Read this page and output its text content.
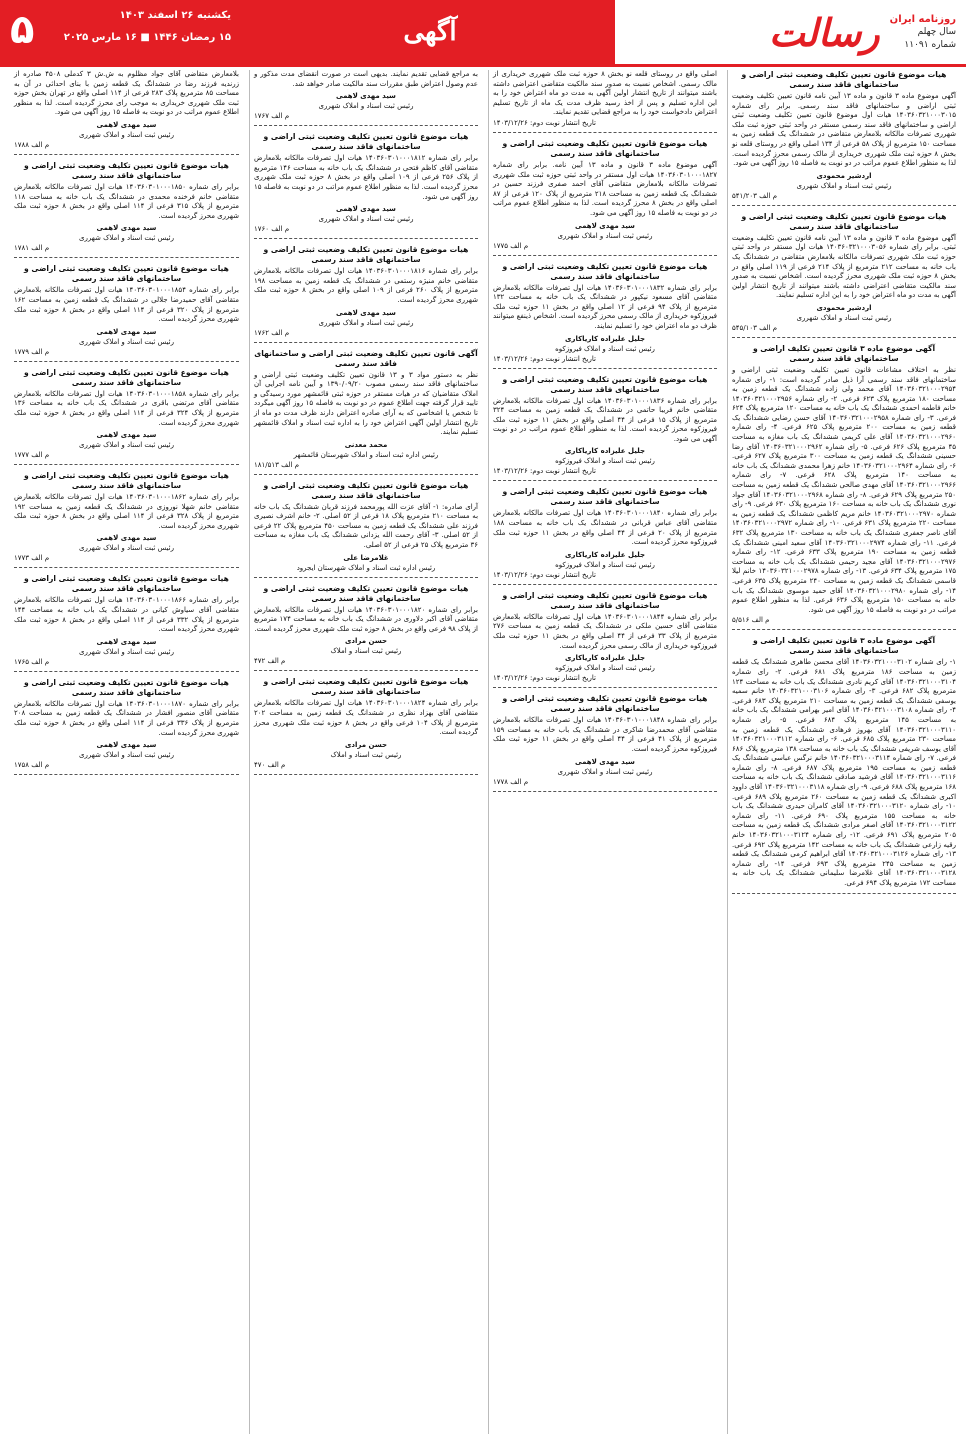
۵	یکشنبه ۲۶ اسفند ۱۴۰۳
۱۵ رمضان ۱۴۴۶ ■ ۱۶ مارس ۲۰۲۵	آگهی	رسالت روزنامه ایران
سال چهلم
شماره ۱۱۰۹۱
هیات موضوع قانون تعیین تکلیف وضعیت ثبتی اراضی و ساختمانهای فاقد سند رسمی

آگهی موضوع ماده ۳ قانون و ماده ۱۳ آیین نامه قانون تعیین تکلیف وضعیت ثبتی اراضی و ساختمانهای فاقد سند رسمی. برابر رای شماره ۱۴۰۳۶۰۳۲۱۰۰۰۳۰۱۵ هیات اول موضوع قانون تعیین تکلیف وضعیت ثبتی اراضی و ساختمانهای فاقد سند رسمی مستقر در واحد ثبتی حوزه ثبت ملک شهرری تصرفات مالکانه بلامعارض متقاضی در ششدانگ یک قطعه زمین به مساحت ۱۵۰ مترمربع از پلاک ۵۸ فرعی از ۱۳۴ اصلی واقع در روستای قلعه نو بخش ۸ حوزه ثبت ملک شهرری خریداری از مالک رسمی محرز گردیده است. لذا به منظور اطلاع عموم مراتب در دو نوبت به فاصله ۱۵ روز آگهی می شود.

اردشیر محمودی
رئیس ثبت اسناد و املاک شهرری
م الف ۵۴۱/۲۰۳
هیات موضوع قانون تعیین تکلیف وضعیت ثبتی اراضی و ساختمانهای فاقد سند رسمی

آگهی موضوع ماده ۳ قانون و ماده ۱۳ آیین نامه قانون تعیین تکلیف وضعیت ثبتی. برابر رای شماره ۱۴۰۳۶۰۳۲۱۰۰۰۳۰۵۶ هیات اول مستقر در واحد ثبتی حوزه ثبت ملک شهرری تصرفات مالکانه بلامعارض متقاضی در ششدانگ یک باب خانه به مساحت ۲۱۲ مترمربع از پلاک ۲۱۴ فرعی از ۱۱۹ اصلی واقع در بخش ۸ حوزه ثبت ملک شهرری محرز گردیده است. اشخاص نسبت به صدور سند مالکیت متقاضی اعتراضی داشته باشند میتوانند از تاریخ انتشار اولین آگهی به مدت دو ماه اعتراض خود را به این اداره تسلیم نمایند.

اردشیر محمودی
رئیس ثبت اسناد و املاک شهرری
م الف ۵۴۵/۱۰۳
آگهی موضوع ماده ۳ قانون تعیین تکلیف اراضی و ساختمانهای فاقد سند رسمی

نظر به اختلاف مشاعات قانون تعیین تکلیف وضعیت ثبتی اراضی و ساختمانهای فاقد سند رسمی آرا ذیل صادر گردیده است: ۱- رای شماره ۱۴۰۳۶۰۳۲۱۰۰۰۲۹۵۴ آقای محمد ولی زاده ششدانگ یک قطعه زمین به مساحت ۱۸۰ مترمربع پلاک ۶۲۳ فرعی. ۲- رای شماره ۱۴۰۳۶۰۳۲۱۰۰۰۲۹۵۶ خانم فاطمه احمدی ششدانگ یک باب خانه به مساحت ۱۲۰ مترمربع پلاک ۶۲۴ فرعی. ۳- رای شماره ۱۴۰۳۶۰۳۲۱۰۰۰۲۹۵۸ آقای حسن رضایی ششدانگ یک قطعه زمین به مساحت ۲۰۰ مترمربع پلاک ۶۲۵ فرعی. ۴- رای شماره ۱۴۰۳۶۰۳۲۱۰۰۰۲۹۶۰ آقای علی کریمی ششدانگ یک باب مغازه به مساحت ۴۵ مترمربع پلاک ۶۲۶ فرعی. ۵- رای شماره ۱۴۰۳۶۰۳۲۱۰۰۰۲۹۶۲ آقای رضا حسینی ششدانگ یک قطعه زمین به مساحت ۳۰۰ مترمربع پلاک ۶۲۷ فرعی. ۶- رای شماره ۱۴۰۳۶۰۳۲۱۰۰۰۲۹۶۴ خانم زهرا محمدی ششدانگ یک باب خانه به مساحت ۱۴۰ مترمربع پلاک ۶۲۸ فرعی. ۷- رای شماره ۱۴۰۳۶۰۳۲۱۰۰۰۲۹۶۶ آقای مهدی صالحی ششدانگ یک قطعه زمین به مساحت ۲۵۰ مترمربع پلاک ۶۲۹ فرعی. ۸- رای شماره ۱۴۰۳۶۰۳۲۱۰۰۰۲۹۶۸ آقای جواد نوری ششدانگ یک باب خانه به مساحت ۱۶۰ مترمربع پلاک ۶۳۰ فرعی. ۹- رای شماره ۱۴۰۳۶۰۳۲۱۰۰۰۲۹۷۰ خانم مریم کاظمی ششدانگ یک قطعه زمین به مساحت ۲۲۰ مترمربع پلاک ۶۳۱ فرعی. ۱۰- رای شماره ۱۴۰۳۶۰۳۲۱۰۰۰۲۹۷۲ آقای ناصر جعفری ششدانگ یک باب خانه به مساحت ۱۳۰ مترمربع پلاک ۶۳۲ فرعی. ۱۱- رای شماره ۱۴۰۳۶۰۳۲۱۰۰۰۲۹۷۴ آقای سعید امینی ششدانگ یک قطعه زمین به مساحت ۱۹۰ مترمربع پلاک ۶۳۳ فرعی. ۱۲- رای شماره ۱۴۰۳۶۰۳۲۱۰۰۰۲۹۷۶ آقای مجید رحیمی ششدانگ یک باب خانه به مساحت ۱۷۵ مترمربع پلاک ۶۳۴ فرعی. ۱۳- رای شماره ۱۴۰۳۶۰۳۲۱۰۰۰۲۹۷۸ خانم لیلا قاسمی ششدانگ یک قطعه زمین به مساحت ۲۴۰ مترمربع پلاک ۶۳۵ فرعی. ۱۴- رای شماره ۱۴۰۳۶۰۳۲۱۰۰۰۲۹۸۰ آقای حمید موسوی ششدانگ یک باب خانه به مساحت ۱۵۰ مترمربع پلاک ۶۳۶ فرعی. لذا به منظور اطلاع عموم مراتب در دو نوبت به فاصله ۱۵ روز آگهی می شود.

م الف ۵/۵۱۶
آگهی موضوع ماده ۳ قانون تعیین تکلیف اراضی و ساختمانهای فاقد سند رسمی

۱- رای شماره ۱۴۰۳۶۰۳۲۱۰۰۰۳۱۰۲ آقای محسن طاهری ششدانگ یک قطعه زمین به مساحت ۱۸۶ مترمربع پلاک ۶۸۱ فرعی. ۲- رای شماره ۱۴۰۳۶۰۳۲۱۰۰۰۳۱۰۴ آقای کریم نادری ششدانگ یک باب خانه به مساحت ۱۲۴ مترمربع پلاک ۶۸۲ فرعی. ۳- رای شماره ۱۴۰۳۶۰۳۲۱۰۰۰۳۱۰۶ خانم سمیه یوسفی ششدانگ یک قطعه زمین به مساحت ۲۱۰ مترمربع پلاک ۶۸۳ فرعی. ۴- رای شماره ۱۴۰۳۶۰۳۲۱۰۰۰۳۱۰۸ آقای امیر بهرامی ششدانگ یک باب خانه به مساحت ۱۴۵ مترمربع پلاک ۶۸۴ فرعی. ۵- رای شماره ۱۴۰۳۶۰۳۲۱۰۰۰۳۱۱۰ آقای بهروز فرهادی ششدانگ یک قطعه زمین به مساحت ۲۳۰ مترمربع پلاک ۶۸۵ فرعی. ۶- رای شماره ۱۴۰۳۶۰۳۲۱۰۰۰۳۱۱۲ آقای یوسف شریفی ششدانگ یک باب خانه به مساحت ۱۳۸ مترمربع پلاک ۶۸۶ فرعی. ۷- رای شماره ۱۴۰۳۶۰۳۲۱۰۰۰۳۱۱۴ خانم نرگس عباسی ششدانگ یک قطعه زمین به مساحت ۱۹۵ مترمربع پلاک ۶۸۷ فرعی. ۸- رای شماره ۱۴۰۳۶۰۳۲۱۰۰۰۳۱۱۶ آقای فرشید صادقی ششدانگ یک باب خانه به مساحت ۱۶۸ مترمربع پلاک ۶۸۸ فرعی. ۹- رای شماره ۱۴۰۳۶۰۳۲۱۰۰۰۳۱۱۸ آقای داوود اکبری ششدانگ یک قطعه زمین به مساحت ۲۶۰ مترمربع پلاک ۶۸۹ فرعی. ۱۰- رای شماره ۱۴۰۳۶۰۳۲۱۰۰۰۳۱۲۰ آقای کامران حیدری ششدانگ یک باب خانه به مساحت ۱۵۵ مترمربع پلاک ۶۹۰ فرعی. ۱۱- رای شماره ۱۴۰۳۶۰۳۲۱۰۰۰۳۱۲۲ آقای اصغر مرادی ششدانگ یک قطعه زمین به مساحت ۲۰۵ مترمربع پلاک ۶۹۱ فرعی. ۱۲- رای شماره ۱۴۰۳۶۰۳۲۱۰۰۰۳۱۲۴ خانم رقیه زارعی ششدانگ یک باب خانه به مساحت ۱۴۲ مترمربع پلاک ۶۹۲ فرعی. ۱۳- رای شماره ۱۴۰۳۶۰۳۲۱۰۰۰۳۱۲۶ آقای ابراهیم کرمی ششدانگ یک قطعه زمین به مساحت ۲۴۵ مترمربع پلاک ۶۹۳ فرعی. ۱۴- رای شماره ۱۴۰۳۶۰۳۲۱۰۰۰۳۱۲۸ آقای غلامرضا سلیمانی ششدانگ یک باب خانه به مساحت ۱۷۲ مترمربع پلاک ۶۹۴ فرعی.

اصلی واقع در روستای قلعه نو بخش ۸ حوزه ثبت ملک شهرری خریداری از مالک رسمی. اشخاص نسبت به صدور سند مالکیت متقاضی اعتراضی داشته باشند میتوانند از تاریخ انتشار اولین آگهی به مدت دو ماه اعتراض خود را به این اداره تسلیم و پس از اخذ رسید ظرف مدت یک ماه از تاریخ تسلیم اعتراض دادخواست خود را به مراجع قضایی تقدیم نمایند.

تاریخ انتشار نوبت دوم: ۱۴۰۳/۱۲/۲۶
هیات موضوع قانون تعیین تکلیف وضعیت ثبتی اراضی و ساختمانهای فاقد سند رسمی

آگهی موضوع ماده ۳ قانون و ماده ۱۳ آیین نامه. برابر رای شماره ۱۴۰۳۶۰۳۰۱۰۰۰۱۸۲۷ هیات اول مستقر در واحد ثبتی حوزه ثبت ملک شهرری تصرفات مالکانه بلامعارض متقاضی آقای احمد صفری فرزند حسین در ششدانگ یک قطعه زمین به مساحت ۲۱۸ مترمربع از پلاک ۱۲۰ فرعی از ۸۷ اصلی واقع در بخش ۸ محرز گردیده است. لذا به منظور اطلاع عموم مراتب در دو نوبت به فاصله ۱۵ روز آگهی می شود.

سید مهدی لاهمی
رئیس ثبت اسناد و املاک شهرری
م الف ۱۷۷۵
هیات موضوع قانون تعیین تکلیف وضعیت ثبتی اراضی و ساختمانهای فاقد سند رسمی

برابر رای شماره ۱۴۰۳۶۰۳۰۱۰۰۰۱۸۳۲ هیات اول تصرفات مالکانه بلامعارض متقاضی آقای مسعود نیکپور در ششدانگ یک باب خانه به مساحت ۱۳۲ مترمربع از پلاک ۹۴ فرعی از ۱۲ اصلی واقع در بخش ۱۱ حوزه ثبت ملک فیروزکوه خریداری از مالک رسمی محرز گردیده است. اشخاص ذینفع میتوانند ظرف دو ماه اعتراض خود را تسلیم نمایند.

جلیل علیزاده کاریاکاری
رئیس ثبت اسناد و املاک فیروزکوه
تاریخ انتشار نوبت دوم: ۱۴۰۳/۱۲/۲۶
هیات موضوع قانون تعیین تکلیف وضعیت ثبتی اراضی و ساختمانهای فاقد سند رسمی

برابر رای شماره ۱۴۰۳۶۰۳۰۱۰۰۰۱۸۳۶ هیات اول تصرفات مالکانه بلامعارض متقاضی خانم فریبا حاتمی در ششدانگ یک قطعه زمین به مساحت ۳۲۴ مترمربع از پلاک ۱۵ فرعی از ۴۴ اصلی واقع در بخش ۱۱ حوزه ثبت ملک فیروزکوه محرز گردیده است. لذا به منظور اطلاع عموم مراتب در دو نوبت آگهی می شود.

جلیل علیزاده کاریاکاری
رئیس ثبت اسناد و املاک فیروزکوه
تاریخ انتشار نوبت دوم: ۱۴۰۳/۱۲/۲۶
هیات موضوع قانون تعیین تکلیف وضعیت ثبتی اراضی و ساختمانهای فاقد سند رسمی

برابر رای شماره ۱۴۰۳۶۰۳۰۱۰۰۰۱۸۴۰ هیات اول تصرفات مالکانه بلامعارض متقاضی آقای عباس قربانی در ششدانگ یک باب خانه به مساحت ۱۸۸ مترمربع از پلاک ۲۰ فرعی از ۴۴ اصلی واقع در بخش ۱۱ حوزه ثبت ملک فیروزکوه محرز گردیده است.

جلیل علیزاده کاریاکاری
رئیس ثبت اسناد و املاک فیروزکوه
تاریخ انتشار نوبت دوم: ۱۴۰۳/۱۲/۲۶
هیات موضوع قانون تعیین تکلیف وضعیت ثبتی اراضی و ساختمانهای فاقد سند رسمی

برابر رای شماره ۱۴۰۳۶۰۳۰۱۰۰۰۱۸۴۴ هیات اول تصرفات مالکانه بلامعارض متقاضی آقای حسین ملکی در ششدانگ یک قطعه زمین به مساحت ۲۷۶ مترمربع از پلاک ۳۳ فرعی از ۴۴ اصلی واقع در بخش ۱۱ حوزه ثبت ملک فیروزکوه خریداری از مالک رسمی محرز گردیده است.

جلیل علیزاده کاریاکاری
رئیس ثبت اسناد و املاک فیروزکوه
تاریخ انتشار نوبت دوم: ۱۴۰۳/۱۲/۲۶
هیات موضوع قانون تعیین تکلیف وضعیت ثبتی اراضی و ساختمانهای فاقد سند رسمی

برابر رای شماره ۱۴۰۳۶۰۳۰۱۰۰۰۱۸۴۸ هیات اول تصرفات مالکانه بلامعارض متقاضی آقای محمدرضا شاکری در ششدانگ یک باب خانه به مساحت ۱۵۹ مترمربع از پلاک ۴۱ فرعی از ۴۴ اصلی واقع در بخش ۱۱ حوزه ثبت ملک فیروزکوه محرز گردیده است.

سید مهدی لاهمی
رئیس ثبت اسناد و املاک شهرری
م الف ۱۷۷۸

به مراجع قضایی تقدیم نمایند. بدیهی است در صورت انقضای مدت مذکور و عدم وصول اعتراض طبق مقررات سند مالکیت صادر خواهد شد.

سید مهدی لاهمی
رئیس ثبت اسناد و املاک شهرری
م الف ۱۷۶۷
هیات موضوع قانون تعیین تکلیف وضعیت ثبتی اراضی و ساختمانهای فاقد سند رسمی

برابر رای شماره ۱۴۰۳۶۰۳۰۱۰۰۰۱۸۱۲ هیات اول تصرفات مالکانه بلامعارض متقاضی آقای کاظم فتحی در ششدانگ یک باب خانه به مساحت ۱۴۶ مترمربع از پلاک ۲۵۶ فرعی از ۱۰۹ اصلی واقع در بخش ۸ حوزه ثبت ملک شهرری محرز گردیده است. لذا به منظور اطلاع عموم مراتب در دو نوبت به فاصله ۱۵ روز آگهی می شود.

سید مهدی لاهمی
رئیس ثبت اسناد و املاک شهرری
م الف ۱۷۶۰
هیات موضوع قانون تعیین تکلیف وضعیت ثبتی اراضی و ساختمانهای فاقد سند رسمی

برابر رای شماره ۱۴۰۳۶۰۳۰۱۰۰۰۱۸۱۶ هیات اول تصرفات مالکانه بلامعارض متقاضی خانم منیژه رستمی در ششدانگ یک قطعه زمین به مساحت ۱۹۸ مترمربع از پلاک ۲۶۰ فرعی از ۱۰۹ اصلی واقع در بخش ۸ حوزه ثبت ملک شهرری محرز گردیده است.

سید مهدی لاهمی
رئیس ثبت اسناد و املاک شهرری
م الف ۱۷۶۲
آگهی قانون تعیین تکلیف وضعیت ثبتی اراضی و ساختمانهای فاقد سند رسمی

نظر به دستور مواد ۳ و ۱۳ قانون تعیین تکلیف وضعیت ثبتی اراضی و ساختمانهای فاقد سند رسمی مصوب ۱۳۹۰/۰۹/۲۰ و آیین نامه اجرایی آن املاک متقاضیان که در هیات مستقر در حوزه ثبتی قائمشهر مورد رسیدگی و تایید قرار گرفته جهت اطلاع عموم در دو نوبت به فاصله ۱۵ روز آگهی میگردد تا شخص یا اشخاصی که به آرای صادره اعتراض دارند ظرف مدت دو ماه از تاریخ انتشار اولین آگهی اعتراض خود را به اداره ثبت اسناد و املاک قائمشهر تسلیم نمایند.

محمد معدنی
رئیس اداره ثبت اسناد و املاک شهرستان قائمشهر
م الف ۱۸۱/۵۱۳
هیات موضوع قانون تعیین تکلیف وضعیت ثبتی اراضی و ساختمانهای فاقد سند رسمی

آرای صادره: ۱- آقای عزت الله پورمحمد فرزند قربان ششدانگ یک باب خانه به مساحت ۲۱۰ مترمربع پلاک ۱۸ فرعی از ۵۲ اصلی. ۲- خانم اشرف نصیری فرزند علی ششدانگ یک قطعه زمین به مساحت ۴۵۰ مترمربع پلاک ۲۲ فرعی از ۵۲ اصلی. ۳- آقای رحمت الله یزدانی ششدانگ یک باب مغازه به مساحت ۳۶ مترمربع پلاک ۲۵ فرعی از ۵۲ اصلی.

غلامرضا علی
رئیس اداره ثبت اسناد و املاک شهرستان ایجرود
هیات موضوع قانون تعیین تکلیف وضعیت ثبتی اراضی و ساختمانهای فاقد سند رسمی

برابر رای شماره ۱۴۰۳۶۰۳۰۱۰۰۰۱۸۲۰ هیات اول تصرفات مالکانه بلامعارض متقاضی آقای اکبر دلاوری در ششدانگ یک باب خانه به مساحت ۱۷۴ مترمربع از پلاک ۹۸ فرعی واقع در بخش ۸ حوزه ثبت ملک شهرری محرز گردیده است.

حسن مرادی
رئیس ثبت اسناد و املاک
م الف ۴۷۲
هیات موضوع قانون تعیین تکلیف وضعیت ثبتی اراضی و ساختمانهای فاقد سند رسمی

برابر رای شماره ۱۴۰۳۶۰۳۰۱۰۰۰۱۸۲۴ هیات اول تصرفات مالکانه بلامعارض متقاضی آقای بهزاد نظری در ششدانگ یک قطعه زمین به مساحت ۲۰۲ مترمربع از پلاک ۱۰۴ فرعی واقع در بخش ۸ حوزه ثبت ملک شهرری محرز گردیده است.

حسن مرادی
رئیس ثبت اسناد و املاک
م الف ۴۷۰

بلامعارض متقاضی آقای جواد مظلوم به ش.ش ۳ کدملی ۴۵۰۸ صادره از زرندیه فرزند رضا در ششدانگ یک قطعه زمین با بنای احداثی در آن به مساحت ۸۵ مترمربع پلاک ۲۸۳ فرعی از ۱۱۴ اصلی واقع در تهران بخش حوزه ثبت ملک شهرری خریداری به موجب رای محرز گردیده است. لذا به منظور اطلاع عموم مراتب در دو نوبت به فاصله ۱۵ روز آگهی می شود.

سید مهدی لاهمی
رئیس ثبت اسناد و املاک شهرری
م الف ۱۷۸۸
هیات موضوع قانون تعیین تکلیف وضعیت ثبتی اراضی و ساختمانهای فاقد سند رسمی

برابر رای شماره ۱۴۰۳۶۰۳۰۱۰۰۰۱۸۵۰ هیات اول تصرفات مالکانه بلامعارض متقاضی خانم فرخنده محمدی در ششدانگ یک باب خانه به مساحت ۱۱۸ مترمربع از پلاک ۳۱۵ فرعی از ۱۱۴ اصلی واقع در بخش ۸ حوزه ثبت ملک شهرری محرز گردیده است.

سید مهدی لاهمی
رئیس ثبت اسناد و املاک شهرری
م الف ۱۷۸۱
هیات موضوع قانون تعیین تکلیف وضعیت ثبتی اراضی و ساختمانهای فاقد سند رسمی

برابر رای شماره ۱۴۰۳۶۰۳۰۱۰۰۰۱۸۵۴ هیات اول تصرفات مالکانه بلامعارض متقاضی آقای حمیدرضا جلالی در ششدانگ یک قطعه زمین به مساحت ۱۶۲ مترمربع از پلاک ۳۲۰ فرعی از ۱۱۴ اصلی واقع در بخش ۸ حوزه ثبت ملک شهرری محرز گردیده است.

سید مهدی لاهمی
رئیس ثبت اسناد و املاک شهرری
م الف ۱۷۷۹
هیات موضوع قانون تعیین تکلیف وضعیت ثبتی اراضی و ساختمانهای فاقد سند رسمی

برابر رای شماره ۱۴۰۳۶۰۳۰۱۰۰۰۱۸۵۸ هیات اول تصرفات مالکانه بلامعارض متقاضی آقای مرتضی باقری در ششدانگ یک باب خانه به مساحت ۱۳۶ مترمربع از پلاک ۳۲۴ فرعی از ۱۱۴ اصلی واقع در بخش ۸ حوزه ثبت ملک شهرری محرز گردیده است.

سید مهدی لاهمی
رئیس ثبت اسناد و املاک شهرری
م الف ۱۷۷۷
هیات موضوع قانون تعیین تکلیف وضعیت ثبتی اراضی و ساختمانهای فاقد سند رسمی

برابر رای شماره ۱۴۰۳۶۰۳۰۱۰۰۰۱۸۶۲ هیات اول تصرفات مالکانه بلامعارض متقاضی خانم شهلا نوروزی در ششدانگ یک قطعه زمین به مساحت ۱۹۲ مترمربع از پلاک ۳۲۸ فرعی از ۱۱۴ اصلی واقع در بخش ۸ حوزه ثبت ملک شهرری محرز گردیده است.

سید مهدی لاهمی
رئیس ثبت اسناد و املاک شهرری
م الف ۱۷۷۳
هیات موضوع قانون تعیین تکلیف وضعیت ثبتی اراضی و ساختمانهای فاقد سند رسمی

برابر رای شماره ۱۴۰۳۶۰۳۰۱۰۰۰۱۸۶۶ هیات اول تصرفات مالکانه بلامعارض متقاضی آقای سیاوش کیانی در ششدانگ یک باب خانه به مساحت ۱۴۴ مترمربع از پلاک ۳۳۲ فرعی از ۱۱۴ اصلی واقع در بخش ۸ حوزه ثبت ملک شهرری محرز گردیده است.

سید مهدی لاهمی
رئیس ثبت اسناد و املاک شهرری
م الف ۱۷۶۵
هیات موضوع قانون تعیین تکلیف وضعیت ثبتی اراضی و ساختمانهای فاقد سند رسمی

برابر رای شماره ۱۴۰۳۶۰۳۰۱۰۰۰۱۸۷۰ هیات اول تصرفات مالکانه بلامعارض متقاضی آقای منصور افشار در ششدانگ یک قطعه زمین به مساحت ۲۰۸ مترمربع از پلاک ۳۳۶ فرعی از ۱۱۴ اصلی واقع در بخش ۸ حوزه ثبت ملک شهرری محرز گردیده است.

سید مهدی لاهمی
رئیس ثبت اسناد و املاک شهرری
م الف ۱۷۵۸
